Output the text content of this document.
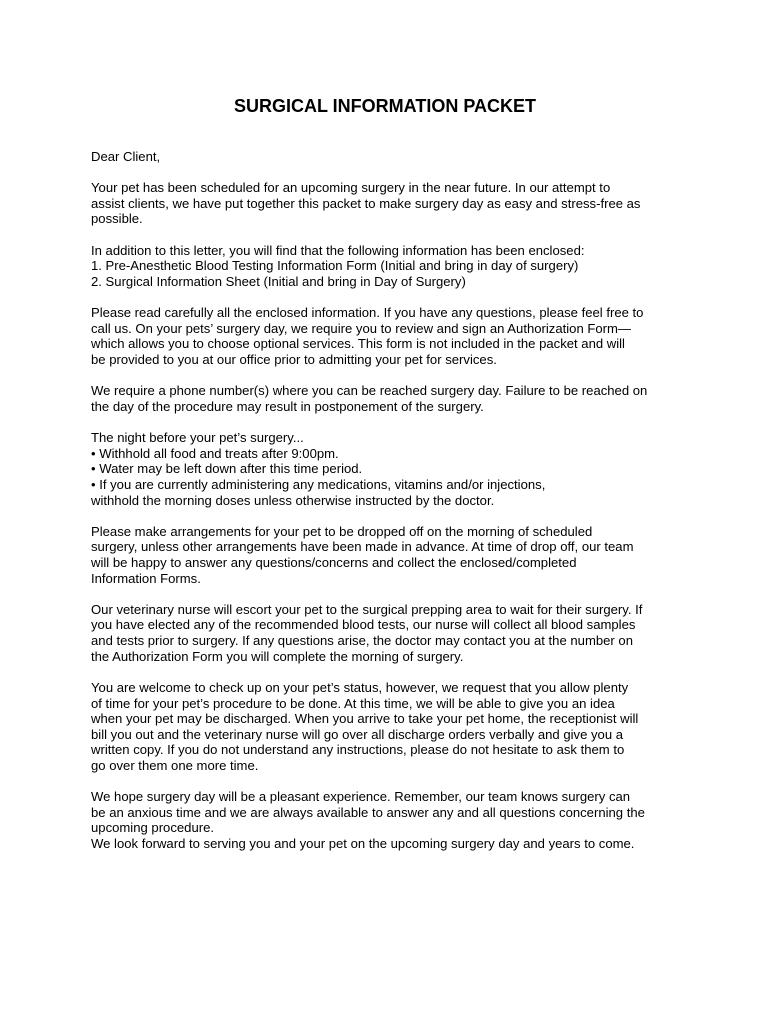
SURGICAL INFORMATION PACKET
Dear Client,
Your pet has been scheduled for an upcoming surgery in the near future. In our attempt to
assist clients, we have put together this packet to make surgery day as easy and stress-free as
possible.
In addition to this letter, you will find that the following information has been enclosed:
1. Pre-Anesthetic Blood Testing Information Form (Initial and bring in day of surgery)
2. Surgical Information Sheet (Initial and bring in Day of Surgery)
Please read carefully all the enclosed information. If you have any questions, please feel free to
call us. On your pets’ surgery day, we require you to review and sign an Authorization Form—
which allows you to choose optional services. This form is not included in the packet and will
be provided to you at our office prior to admitting your pet for services.
We require a phone number(s) where you can be reached surgery day. Failure to be reached on
the day of the procedure may result in postponement of the surgery.
The night before your pet’s surgery...
• Withhold all food and treats after 9:00pm.
• Water may be left down after this time period.
• If you are currently administering any medications, vitamins and/or injections,
withhold the morning doses unless otherwise instructed by the doctor.
Please make arrangements for your pet to be dropped off on the morning of scheduled
surgery, unless other arrangements have been made in advance. At time of drop off, our team
will be happy to answer any questions/concerns and collect the enclosed/completed
Information Forms.
Our veterinary nurse will escort your pet to the surgical prepping area to wait for their surgery. If
you have elected any of the recommended blood tests, our nurse will collect all blood samples
and tests prior to surgery. If any questions arise, the doctor may contact you at the number on
the Authorization Form you will complete the morning of surgery.
You are welcome to check up on your pet’s status, however, we request that you allow plenty
of time for your pet’s procedure to be done. At this time, we will be able to give you an idea
when your pet may be discharged. When you arrive to take your pet home, the receptionist will
bill you out and the veterinary nurse will go over all discharge orders verbally and give you a
written copy. If you do not understand any instructions, please do not hesitate to ask them to
go over them one more time.
We hope surgery day will be a pleasant experience. Remember, our team knows surgery can
be an anxious time and we are always available to answer any and all questions concerning the
upcoming procedure.
We look forward to serving you and your pet on the upcoming surgery day and years to come.
